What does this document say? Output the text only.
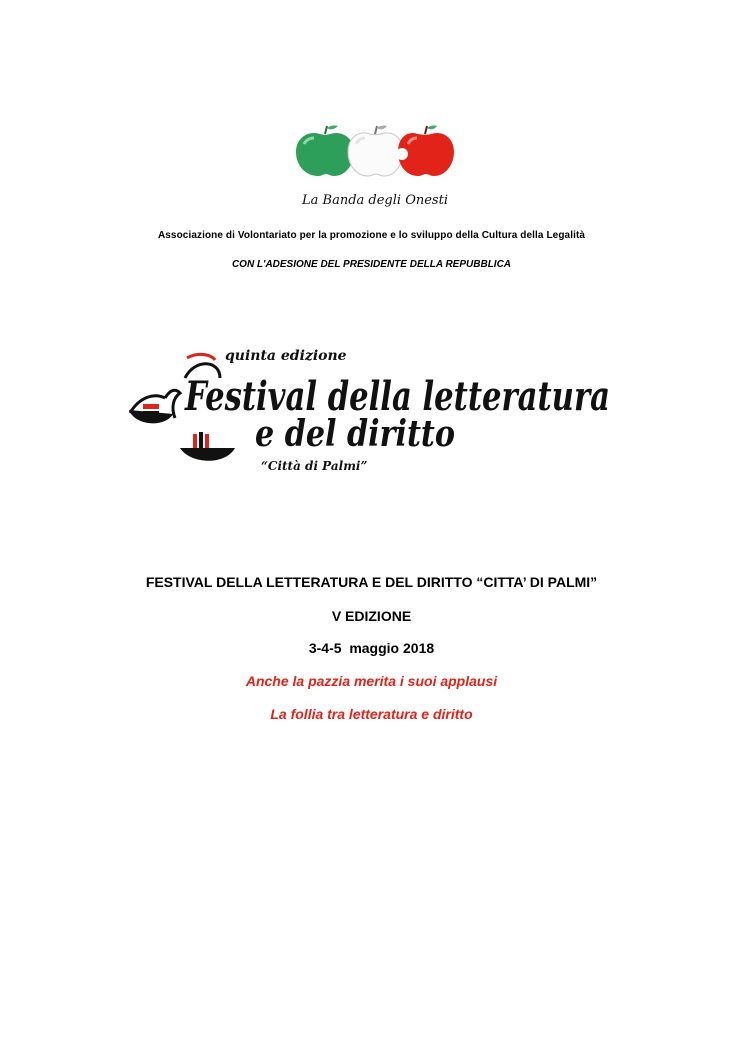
La Banda degli Onesti
Associazione di Volontariato per la promozione e lo sviluppo della Cultura della Legalità
CON L'ADESIONE DEL PRESIDENTE DELLA REPUBBLICA
quinta edizione
Festival della letteratura
e del diritto
“Città di Palmi”
FESTIVAL DELLA LETTERATURA E DEL DIRITTO “CITTA’ DI PALMI”
V EDIZIONE
3-4-5  maggio 2018
Anche la pazzia merita i suoi applausi
La follia tra letteratura e diritto
